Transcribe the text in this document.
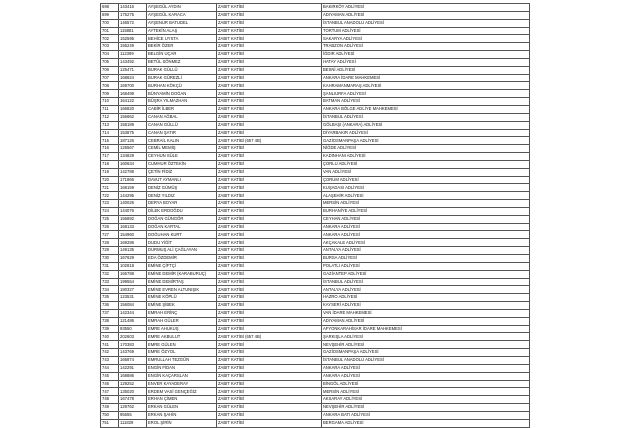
698	143416	AYŞEGÜL AYDIN	ZABIT KATİBİ	BAKIRKÖY ADLİYESİ
699	175275	AYŞEGÜL KARACA	ZABIT KATİBİ	ADIYAMAN ADLİYESİ
700	146572	AYŞENUR BATUDEL	ZABIT KATİBİ	İSTANBUL ANADOLU ADLİYESİ
701	115881	AYTEKİN ALAŞ	ZABIT KATİBİ	TORTUM ADLİYESİ
702	152595	BEHİCE UYSTA	ZABIT KATİBİ	SAKARYA ADLİYESİ
703	155249	BEKİR ÖZER	ZABIT KATİBİ	TRABZON ADLİYESİ
704	112399	BELGİN UÇAR	ZABIT KATİBİ	İĞDIR ADLİYESİ
705	143492	BETÜL SÖNMEZ	ZABIT KATİBİ	HATAY ADLİYESİ
706	125471	BURAK GÜLLÜ	ZABIT KATİBİ	BESNİ ADLİYESİ
707	168824	BURAK GÜREZLİ	ZABIT KATİBİ	ANKARA İDARE MAHKEMESİ
708	169700	BURHAN KÖKÇÜ	ZABIT KATİBİ	KAHRAMANMARAŞ ADLİYESİ
709	168499	BÜNYAMİN DOĞAN	ZABIT KATİBİ	ŞANLIURFA ADLİYESİ
710	164122	BÜŞRA YILMAZHAN	ZABIT KATİBİ	BATMAN ADLİYESİ
711	166820	CABİR İLBER	ZABIT KATİBİ	ANKARA BÖLGE ADLİYE MAHKEMESİ
712	156662	CANAN AĞBAL	ZABIT KATİBİ	İSTANBUL ADLİYESİ
713	158189	CANAN GÜLLÜ	ZABIT KATİBİ	GÖLBAŞI (ANKARA) ADLİYESİ
714	153875	CANAN ŞATIR	ZABIT KATİBİ	DİYARBAKIR ADLİYESİ
715	187126	CEBRAİL KALIN	ZABIT KATİBİ (657 4B)	GAZİOSMANPAŞA ADLİYESİ
716	126567	CEMİL MEMİŞ	ZABIT KATİBİ	NİĞDE ADLİYESİ
717	134829	CEYHUN SÜLE	ZABIT KATİBİ	KADINHANI ADLİYESİ
718	160634	CUMHUR ÖZTEKİN	ZABIT KATİBİ	ÇORLU ADLİYESİ
719	142788	ÇETİN FİDİZ	ZABIT KATİBİ	VAN ADLİYESİ
720	171866	DAVUT AYMANLI	ZABIT KATİBİ	ÇORUM ADLİYESİ
721	168159	DENİZ GÜMÜŞ	ZABIT KATİBİ	KUŞADASI ADLİYESİ
722	144295	DENİZ YILDIZ	ZABIT KATİBİ	ALAŞEHİR ADLİYESİ
723	140026	DERYA BOYAR	ZABIT KATİBİ	MERSİN ADLİYESİ
724	144076	DİLEK ERDOĞDU	ZABIT KATİBİ	BURHANİYE ADLİYESİ
725	156892	DOĞAN GÜNGÖR	ZABIT KATİBİ	CEYHAN ADLİYESİ
726	168133	DOĞAN KARTAL	ZABIT KATİBİ	ANKARA ADLİYESİ
727	154960	DOĞUHAN KURT	ZABIT KATİBİ	ANKARA ADLİYESİ
728	169286	DUDU YİĞİT	ZABIT KATİBİ	AKÇAKALE ADLİYESİ
729	149135	DURMUŞ ALİ ÇAĞLAYAN	ZABIT KATİBİ	ANTALYA ADLİYESİ
730	167629	EDA ÖZDEMİR	ZABIT KATİBİ	BURSA ADLİYESİ
731	102818	EMİNE ÇİFTÇİ	ZABIT KATİBİ	POLATLI ADLİYESİ
732	166788	EMİNE DEMİR (KARABURUÇ)	ZABIT KATİBİ	GAZİANTEP ADLİYESİ
733	199554	EMİNE DEMİRTAŞ	ZABIT KATİBİ	İSTANBUL ADLİYESİ
734	180327	EMİNE EVREN ALTUNIŞIK	ZABIT KATİBİ	ANTALYA ADLİYESİ
735	123531	EMİNE KÖPLÜ	ZABIT KATİBİ	HAZRO ADLİYESİ
736	156084	EMİNE ŞİBEK	ZABIT KATİBİ	KAYSERİ ADLİYESİ
737	142344	EMRAH ERİNÇ	ZABIT KATİBİ	VAN İDARE MAHKEMESİ
738	121486	EMRAH GÜLER	ZABIT KATİBİ	ADIYAMAN ADLİYESİ
739	93550	EMRE AHUKUŞ	ZABIT KATİBİ	AFYONKARAHİSAR İDARE MAHKEMESİ
740	202603	EMRE AKBULUT	ZABIT KATİBİ (657 4B)	ŞARKIŞLA ADLİYESİ
741	170383	EMRE GÜLEN	ZABIT KATİBİ	NEVŞEHİR ADLİYESİ
742	143769	EMRE ÖZYOL	ZABIT KATİBİ	GAZİOSMANPAŞA ADLİYESİ
743	166874	EMRULLAH TEZGÜN	ZABIT KATİBİ	İSTANBUL ANADOLU ADLİYESİ
744	142291	ENGİN FİDAN	ZABIT KATİBİ	ANKARA ADLİYESİ
745	168886	ENGİN KAÇARSLAN	ZABIT KATİBİ	ANKARA ADLİYESİ
746	129252	ENVER KAYADERAY	ZABIT KATİBİ	BİNGÖL ADLİYESİ
747	135020	ERDEM VASİ GENÇEĞİZ	ZABIT KATİBİ	MERSİN ADLİYESİ
748	167478	ERHAN ÇİMEN	ZABIT KATİBİ	AKSARAY ADLİYESİ
749	129762	ERKAN GÜLEN	ZABIT KATİBİ	NEVŞEHİR ADLİYESİ
750	95655	ERKAN ŞAHİN	ZABIT KATİBİ	ANKARA BATI ADLİYESİ
751	111829	EROL ŞİRİN	ZABIT KATİBİ	BERGAMA ADLİYESİ
